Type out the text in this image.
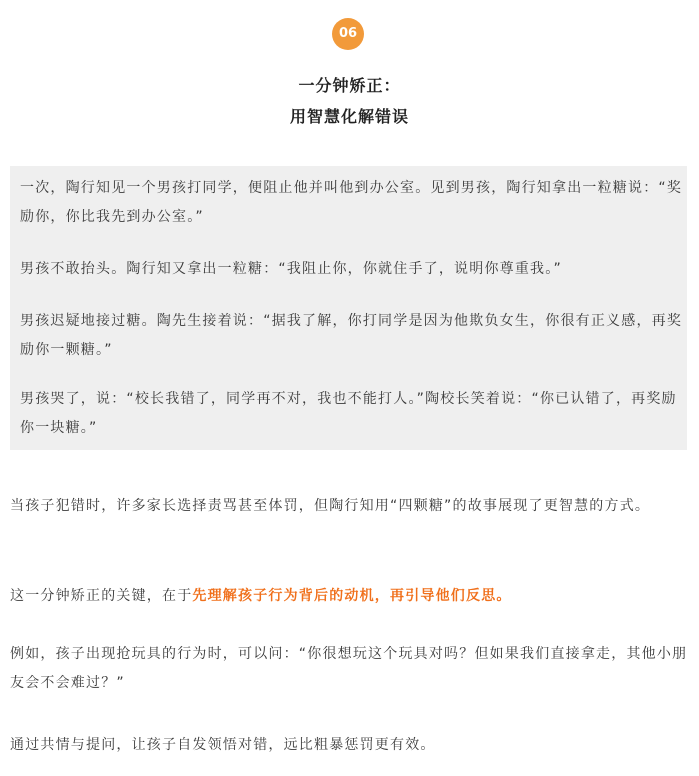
06
一分钟矫正：
用智慧化解错误

一次，陶行知见一个男孩打同学，便阻止他并叫他到办公室。见到男孩，陶行知拿出一粒糖说：“奖励你，你比我先到办公室。”

男孩不敢抬头。陶行知又拿出一粒糖：“我阻止你，你就住手了，说明你尊重我。”

男孩迟疑地接过糖。陶先生接着说：“据我了解，你打同学是因为他欺负女生，你很有正义感，再奖励你一颗糖。”

男孩哭了，说：“校长我错了，同学再不对，我也不能打人。”陶校长笑着说：“你已认错了，再奖励你一块糖。”

当孩子犯错时，许多家长选择责骂甚至体罚，但陶行知用“四颗糖”的故事展现了更智慧的方式。

这一分钟矫正的关键，在于先理解孩子行为背后的动机，再引导他们反思。

例如，孩子出现抢玩具的行为时，可以问：“你很想玩这个玩具对吗？但如果我们直接拿走，其他小朋友会不会难过？”

通过共情与提问，让孩子自发领悟对错，远比粗暴惩罚更有效。
